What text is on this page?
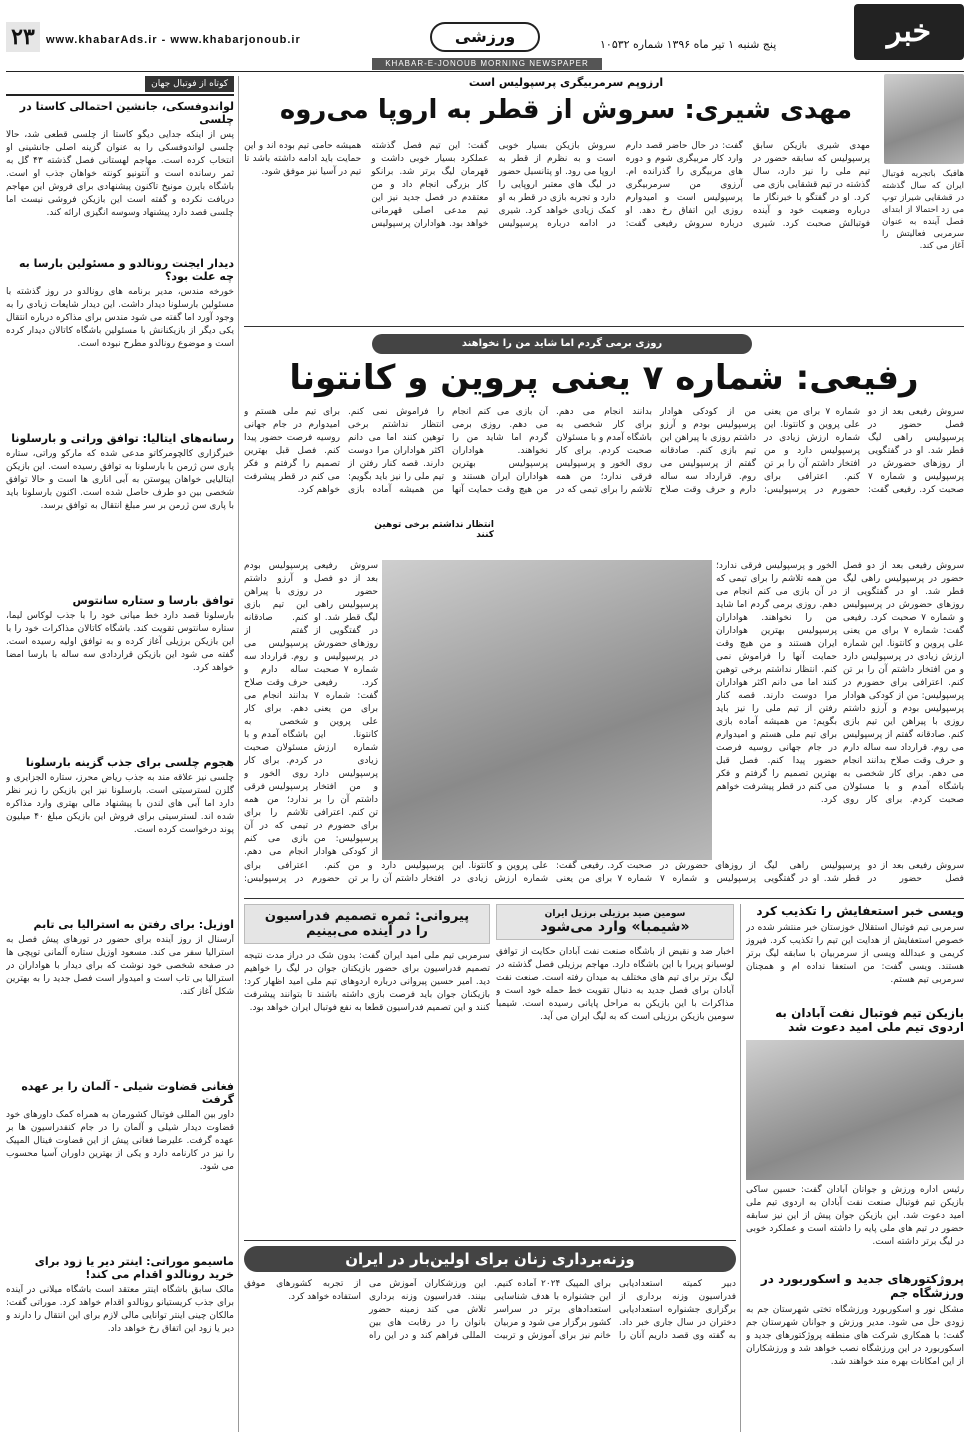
۲۳	www.khabarAds.ir - www.khabarjonoub.ir	ورزشی	پنج شنبه ۱ تیر ماه ۱۳۹۶ شماره ۱۰۵۳۲	خبر
KHABAR-E-JONOUB MORNING NEWSPAPER
کوتاه از فوتبال جهان
لواندوفسکی، جانشین احتمالی کاستا در چلسی
پس از اینکه جدایی دیگو کاستا از چلسی قطعی شد، حالا چلسی لواندوفسکی را به عنوان گزینه اصلی جانشینی او انتخاب کرده است. مهاجم لهستانی فصل گذشته ۴۳ گل به ثمر رسانده است و آنتونیو کونته خواهان جذب او است. باشگاه بایرن مونیخ تاکنون پیشنهادی برای فروش این مهاجم دریافت نکرده و گفته است این بازیکن فروشی نیست اما چلسی قصد دارد پیشنهاد وسوسه انگیزی ارائه کند.
دیدار ایجنت رونالدو و مسئولین بارسا به چه علت بود؟
خورخه مندس، مدیر برنامه های رونالدو در روز گذشته با مسئولین بارسلونا دیدار داشت. این دیدار شایعات زیادی را به وجود آورد اما گفته می شود مندس برای مذاکره درباره انتقال یکی دیگر از بازیکنانش با مسئولین باشگاه کاتالان دیدار کرده است و موضوع رونالدو مطرح نبوده است.
رسانه‌های ایتالیا: توافق وراتی و بارسلونا
خبرگزاری کالچومرکاتو مدعی شده که مارکو وراتی، ستاره پاری سن ژرمن با بارسلونا به توافق رسیده است. این بازیکن ایتالیایی خواهان پیوستن به آبی اناری ها است و حالا توافق شخصی بین دو طرف حاصل شده است. اکنون بارسلونا باید با پاری سن ژرمن بر سر مبلغ انتقال به توافق برسد.
توافق بارسا و ستاره سانتوس
بارسلونا قصد دارد خط میانی خود را با جذب لوکاس لیما، ستاره سانتوس تقویت کند. باشگاه کاتالان مذاکرات خود را با این بازیکن برزیلی آغاز کرده و به توافق اولیه رسیده است. گفته می شود این بازیکن قراردادی سه ساله با بارسا امضا خواهد کرد.
هجوم چلسی برای جذب گزینه بارسلونا
چلسی نیز علاقه مند به جذب ریاض محرز، ستاره الجزایری و گلزن لسترسیتی است. بارسلونا نیز این بازیکن را زیر نظر دارد اما آبی های لندن با پیشنهاد مالی بهتری وارد مذاکره شده اند. لسترسیتی برای فروش این بازیکن مبلغ ۴۰ میلیون پوند درخواست کرده است.
اوزیل: برای رفتن به استرالیا بی تابم
آرسنال از روز آینده برای حضور در تورهای پیش فصل به استرالیا سفر می کند. مسعود اوزیل ستاره آلمانی توپچی ها در صفحه شخصی خود نوشت که برای دیدار با هواداران در استرالیا بی تاب است و امیدوار است فصل جدید را به بهترین شکل آغاز کند.
فغانی قضاوت شیلی - آلمان را بر عهده گرفت
داور بین المللی فوتبال کشورمان به همراه کمک داورهای خود قضاوت دیدار شیلی و آلمان را در جام کنفدراسیون ها بر عهده گرفت. علیرضا فغانی پیش از این قضاوت فینال المپیک را نیز در کارنامه دارد و یکی از بهترین داوران آسیا محسوب می شود.
ماسیمو موراتی: اینتر دیر یا زود برای خرید رونالدو اقدام می کند!
مالک سابق باشگاه اینتر معتقد است باشگاه میلانی در آینده برای جذب کریستیانو رونالدو اقدام خواهد کرد. موراتی گفت: مالکان چینی اینتر توانایی مالی لازم برای این انتقال را دارند و دیر یا زود این اتفاق رخ خواهد داد.
ارزوپم سرمربیگری پرسپولیس است
مهدی شیری: سروش از قطر به اروپا می‌روه
هافبک باتجربه فوتبال ایران که سال گذشته در قشقایی شیراز توپ می زد احتمالا از ابتدای فصل آینده به عنوان سرمربی فعالیتش را آغاز می کند.
مهدی شیری بازیکن سابق پرسپولیس که سابقه حضور در تیم ملی را نیز دارد، سال گذشته در تیم قشقایی بازی می کرد. او در گفتگو با خبرنگار ما درباره وضعیت خود و آینده فوتبالش صحبت کرد. شیری گفت: در حال حاضر قصد دارم وارد کار مربیگری شوم و دوره های مربیگری را گذرانده ام. آرزوی من سرمربیگری پرسپولیس است و امیدوارم روزی این اتفاق رخ دهد. او درباره سروش رفیعی گفت: سروش بازیکن بسیار خوبی است و به نظرم از قطر به اروپا می رود. او پتانسیل حضور در لیگ های معتبر اروپایی را دارد و تجربه بازی در قطر به او کمک زیادی خواهد کرد. شیری در ادامه درباره پرسپولیس گفت: این تیم فصل گذشته عملکرد بسیار خوبی داشت و قهرمان لیگ برتر شد. برانکو کار بزرگی انجام داد و من معتقدم در فصل جدید نیز این تیم مدعی اصلی قهرمانی خواهد بود. هواداران پرسپولیس همیشه حامی تیم بوده اند و این حمایت باید ادامه داشته باشد تا تیم در آسیا نیز موفق شود.
روزی برمی گردم اما شاید من را نخواهند
رفیعی: شماره ۷ یعنی پروین و کانتونا
سروش رفیعی بعد از دو فصل حضور در پرسپولیس راهی لیگ قطر شد. او در گفتگویی از روزهای حضورش در پرسپولیس و شماره ۷ صحبت کرد. رفیعی گفت: شماره ۷ برای من یعنی علی پروین و کانتونا. این شماره ارزش زیادی در پرسپولیس دارد و من افتخار داشتم آن را بر تن کنم. اعترافی برای حضورم در پرسپولیس: من از کودکی هوادار پرسپولیس بودم و آرزو داشتم روزی با پیراهن این تیم بازی کنم. صادقانه گفتم از پرسپولیس می روم. قرارداد سه ساله دارم و حرف وقت صلاح بدانند انجام می دهم. برای کار شخصی به باشگاه آمدم و با مسئولان صحبت کردم. برای کار روی الخور و پرسپولیس فرقی ندارد؛ من همه تلاشم را برای تیمی که در آن بازی می کنم انجام می دهم. روزی برمی گردم اما شاید من را نخواهند. هواداران پرسپولیس بهترین هواداران ایران هستند و من هیچ وقت حمایت آنها را فراموش نمی کنم. انتظار نداشتم برخی توهین کنند اما می دانم اکثر هواداران مرا دوست دارند. قصه کنار رفتن از تیم ملی را نیز باید بگویم: من همیشه آماده بازی برای تیم ملی هستم و امیدوارم در جام جهانی روسیه فرصت حضور پیدا کنم. فصل قبل بهترین تصمیم را گرفتم و فکر می کنم در قطر پیشرفت خواهم کرد.
انتظار نداشتم برخی توهین کنند
سروش رفیعی بعد از دو فصل حضور در پرسپولیس راهی لیگ قطر شد. او در گفتگویی از روزهای حضورش در پرسپولیس و شماره ۷ صحبت کرد. رفیعی گفت: شماره ۷ برای من یعنی علی پروین و کانتونا. این شماره ارزش زیادی در پرسپولیس دارد و من افتخار داشتم آن را بر تن کنم. اعترافی برای حضورم در پرسپولیس: من از کودکی هوادار پرسپولیس بودم و آرزو داشتم روزی با پیراهن این تیم بازی کنم. صادقانه گفتم از پرسپولیس می روم. قرارداد سه ساله دارم و حرف وقت صلاح بدانند انجام می دهم. برای کار شخصی به باشگاه آمدم و با مسئولان صحبت کردم. برای کار روی الخور و پرسپولیس فرقی ندارد؛ من همه تلاشم را برای تیمی که در آن بازی می کنم انجام می دهم.
سروش رفیعی بعد از دو فصل حضور در پرسپولیس راهی لیگ قطر شد. او در گفتگویی از روزهای حضورش در پرسپولیس و شماره ۷ صحبت کرد. رفیعی گفت: شماره ۷ برای من یعنی علی پروین و کانتونا. این شماره ارزش زیادی در پرسپولیس دارد و من افتخار داشتم آن را بر تن کنم. اعترافی برای حضورم در پرسپولیس: من از کودکی هوادار پرسپولیس بودم و آرزو داشتم روزی با پیراهن این تیم بازی کنم. صادقانه گفتم از پرسپولیس می روم. قرارداد سه ساله دارم و حرف وقت صلاح بدانند انجام می دهم. برای کار شخصی به باشگاه آمدم و با مسئولان صحبت کردم. برای کار روی الخور و پرسپولیس فرقی ندارد؛ من همه تلاشم را برای تیمی که در آن بازی می کنم انجام می دهم. روزی برمی گردم اما شاید من را نخواهند. هواداران پرسپولیس بهترین هواداران ایران هستند و من هیچ وقت حمایت آنها را فراموش نمی کنم. انتظار نداشتم برخی توهین کنند اما می دانم اکثر هواداران مرا دوست دارند. قصه کنار رفتن از تیم ملی را نیز باید بگویم: من همیشه آماده بازی برای تیم ملی هستم و امیدوارم در جام جهانی روسیه فرصت حضور پیدا کنم. فصل قبل بهترین تصمیم را گرفتم و فکر می کنم در قطر پیشرفت خواهم کرد.
سروش رفیعی بعد از دو فصل حضور در پرسپولیس راهی لیگ قطر شد. او در گفتگویی از روزهای حضورش در پرسپولیس و شماره ۷ صحبت کرد. رفیعی گفت: شماره ۷ برای من یعنی علی پروین و کانتونا. این شماره ارزش زیادی در پرسپولیس دارد و من افتخار داشتم آن را بر تن کنم. اعترافی برای حضورم در پرسپولیس:
پیروانی: ثمره تصمیم فدراسیون
را در آینده می‌بینیم
سرمربی تیم ملی امید ایران گفت: بدون شک در دراز مدت نتیجه تصمیم فدراسیون برای حضور بازیکنان جوان در لیگ را خواهیم دید. امیر حسین پیروانی درباره اردوهای تیم ملی امید اظهار کرد: بازیکنان جوان باید فرصت بازی داشته باشند تا بتوانند پیشرفت کنند و این تصمیم فدراسیون قطعا به نفع فوتبال ایران خواهد بود.
سومین صید برزیلی برزیل ایران
«شیمبا» وارد می‌شود
اخبار ضد و نقیض از باشگاه صنعت نفت آبادان حکایت از توافق لوسیانو پریرا با این باشگاه دارد. مهاجم برزیلی فصل گذشته در لیگ برتر برای تیم های مختلف به میدان رفته است. صنعت نفت آبادان برای فصل جدید به دنبال تقویت خط حمله خود است و مذاکرات با این بازیکن به مراحل پایانی رسیده است. شیمبا سومین بازیکن برزیلی است که به لیگ ایران می آید.
ویسی خبر استعفایش را تکذیب کرد
سرمربی تیم فوتبال استقلال خوزستان خبر منتشر شده در خصوص استعفایش از هدایت این تیم را تکذیب کرد. فیروز کریمی و عبدالله ویسی از سرمربیان با سابقه لیگ برتر هستند. ویسی گفت: من استعفا نداده ام و همچنان سرمربی تیم هستم.
بازیکن تیم فوتبال نفت آبادان به اردوی تیم ملی امید دعوت شد
رئیس اداره ورزش و جوانان آبادان گفت: حسین ساکی بازیکن تیم فوتبال صنعت نفت آبادان به اردوی تیم ملی امید دعوت شد. این بازیکن جوان پیش از این نیز سابقه حضور در تیم های ملی پایه را داشته است و عملکرد خوبی در لیگ برتر داشته است.
پروژکتورهای جدید و اسکوربورد در ورزشگاه جم
مشکل نور و اسکوربورد ورزشگاه تختی شهرستان جم به زودی حل می شود. مدیر ورزش و جوانان شهرستان جم گفت: با همکاری شرکت های منطقه پروژکتورهای جدید و اسکوربورد در این ورزشگاه نصب خواهد شد و ورزشکاران از این امکانات بهره مند خواهند شد.
وزنه‌برداری زنان برای اولین‌بار در ایران
دبیر کمیته استعدادیابی فدراسیون وزنه برداری از برگزاری جشنواره استعدادیابی دختران در سال جاری خبر داد. به گفته وی قصد داریم آنان را برای المپیک ۲۰۲۴ آماده کنیم. این جشنواره با هدف شناسایی استعدادهای برتر در سراسر کشور برگزار می شود و مربیان خانم نیز برای آموزش و تربیت این ورزشکاران آموزش می بینند. فدراسیون وزنه برداری تلاش می کند زمینه حضور بانوان را در رقابت های بین المللی فراهم کند و در این راه از تجربه کشورهای موفق استفاده خواهد کرد.
